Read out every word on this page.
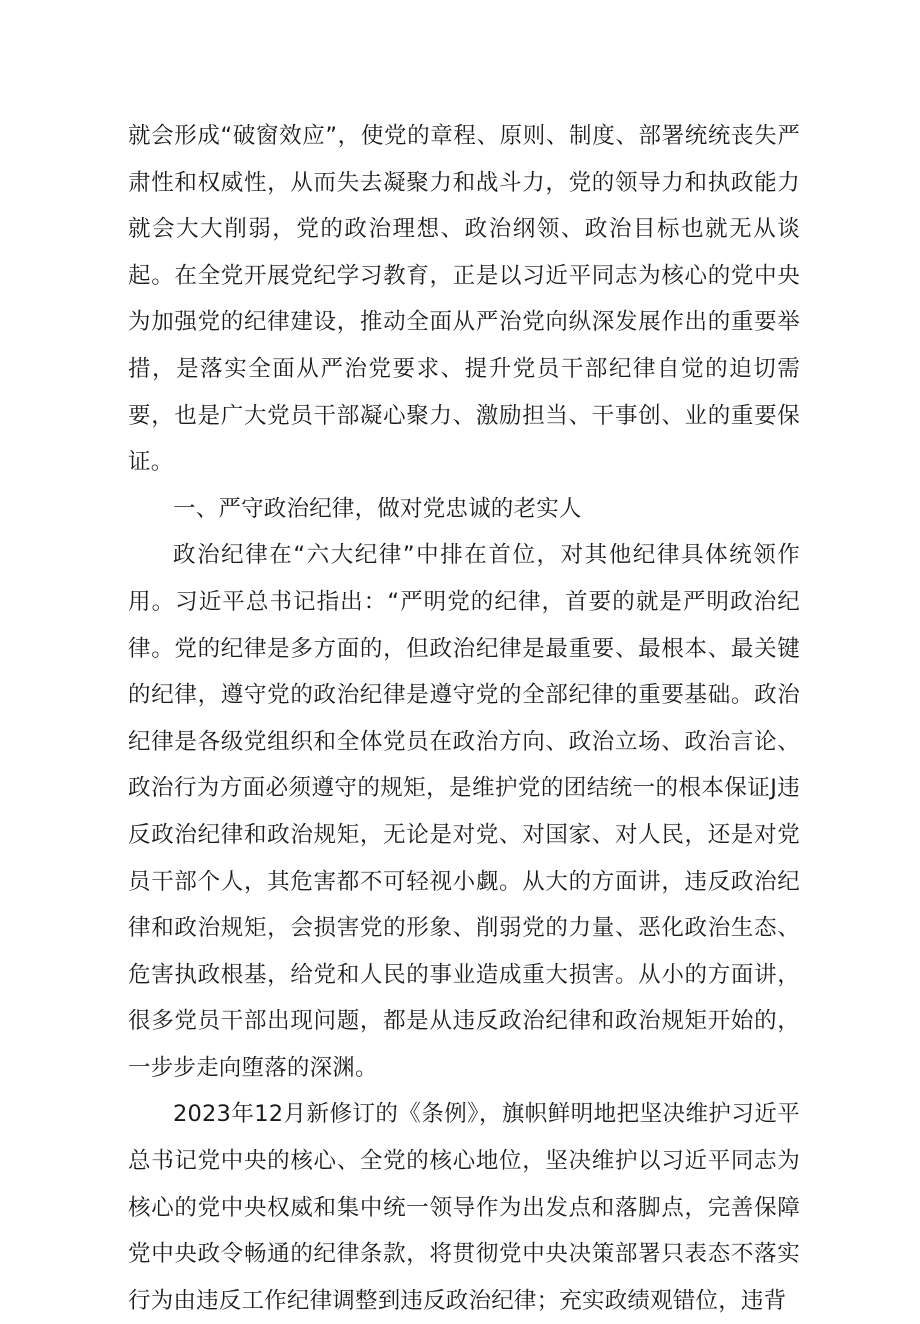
就会形成“破窗效应”，使党的章程、原则、制度、部署统统丧失严肃性和权威性，从而失去凝聚力和战斗力，党的领导力和执政能力就会大大削弱，党的政治理想、政治纲领、政治目标也就无从谈起。在全党开展党纪学习教育，正是以习近平同志为核心的党中央为加强党的纪律建设，推动全面从严治党向纵深发展作出的重要举措，是落实全面从严治党要求、提升党员干部纪律自觉的迫切需要，也是广大党员干部凝心聚力、激励担当、干事创、业的重要保证。

一、严守政治纪律，做对党忠诚的老实人

政治纪律在“六大纪律”中排在首位，对其他纪律具体统领作用。习近平总书记指出：“严明党的纪律，首要的就是严明政治纪律。党的纪律是多方面的，但政治纪律是最重要、最根本、最关键的纪律，遵守党的政治纪律是遵守党的全部纪律的重要基础。政治纪律是各级党组织和全体党员在政治方向、政治立场、政治言论、政治行为方面必须遵守的规矩，是维护党的团结统一的根本保证J违反政治纪律和政治规矩，无论是对党、对国家、对人民，还是对党员干部个人，其危害都不可轻视小觑。从大的方面讲，违反政治纪律和政治规矩，会损害党的形象、削弱党的力量、恶化政治生态、危害执政根基，给党和人民的事业造成重大损害。从小的方面讲，很多党员干部出现问题，都是从违反政治纪律和政治规矩开始的，一步步走向堕落的深渊。

2023年12月新修订的《条例》，旗帜鲜明地把坚决维护习近平总书记党中央的核心、全党的核心地位，坚决维护以习近平同志为核心的党中央权威和集中统一领导作为出发点和落脚点，完善保障党中央政令畅通的纪律条款，将贯彻党中央决策部署只表态不落实行为由违反工作纪律调整到违反政治纪律；充实政绩观错位，违背
